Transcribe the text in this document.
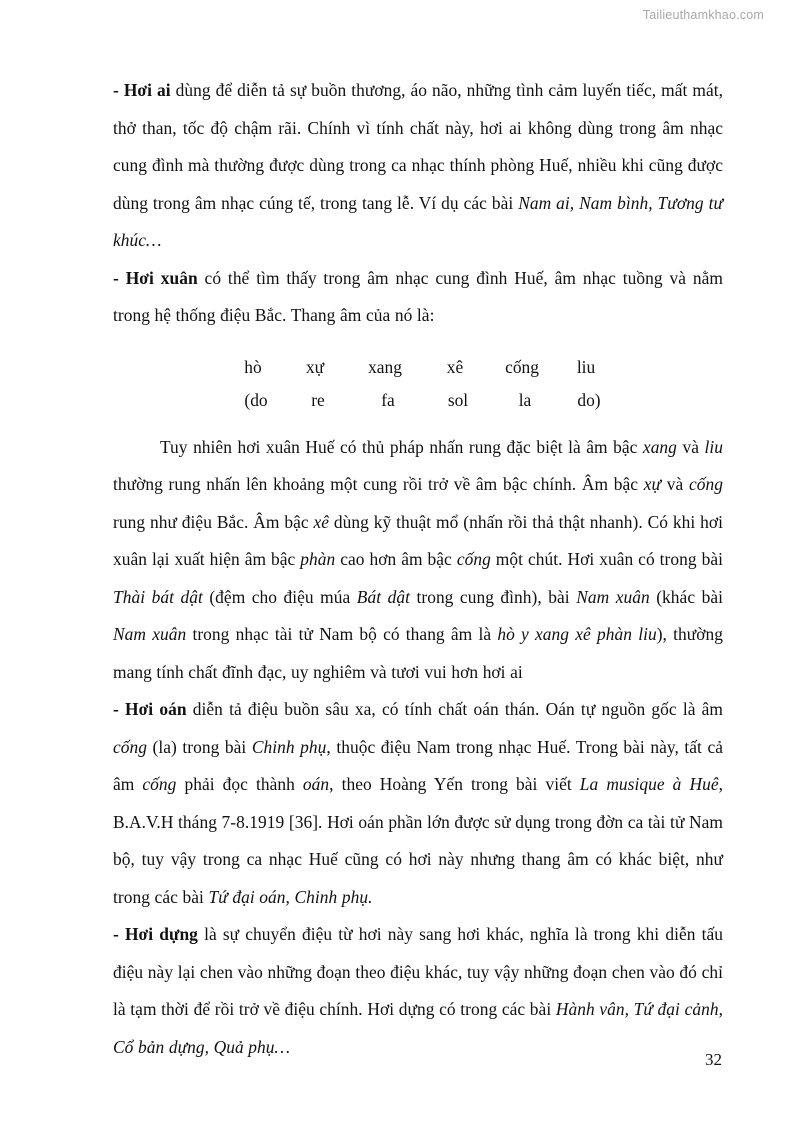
Tailieuthamkhao.com

- Hơi ai dùng để diễn tả sự buồn thương, áo não, những tình cảm luyến tiếc, mất mát, thở than, tốc độ chậm rãi. Chính vì tính chất này, hơi ai không dùng trong âm nhạc cung đình mà thường được dùng trong ca nhạc thính phòng Huế, nhiều khi cũng được dùng trong âm nhạc cúng tế, trong tang lễ. Ví dụ các bài Nam ai, Nam bình, Tương tư khúc…

- Hơi xuân có thể tìm thấy trong âm nhạc cung đình Huế, âm nhạc tuồng và nằm trong hệ thống điệu Bắc. Thang âm của nó là:

hò	xự	xang	xê	cống	liu
(do	re	fa	sol	la	do)

Tuy nhiên hơi xuân Huế có thủ pháp nhấn rung đặc biệt là âm bậc xang và liu thường rung nhấn lên khoảng một cung rồi trở về âm bậc chính. Âm bậc xự và cống rung như điệu Bắc. Âm bậc xê dùng kỹ thuật mổ (nhấn rồi thả thật nhanh). Có khi hơi xuân lại xuất hiện âm bậc phàn cao hơn âm bậc cống một chút. Hơi xuân có trong bài Thài bát dật (đệm cho điệu múa Bát dật trong cung đình), bài Nam xuân (khác bài Nam xuân trong nhạc tài tử Nam bộ có thang âm là hò y xang xê phàn liu), thường mang tính chất đĩnh đạc, uy nghiêm và tươi vui hơn hơi ai

- Hơi oán diễn tả điệu buồn sâu xa, có tính chất oán thán. Oán tự nguồn gốc là âm cống (la) trong bài Chinh phụ, thuộc điệu Nam trong nhạc Huế. Trong bài này, tất cả âm cống phải đọc thành oán, theo Hoàng Yến trong bài viết La musique à Huê, B.A.V.H tháng 7-8.1919 [36]. Hơi oán phần lớn được sử dụng trong đờn ca tài tử Nam bộ, tuy vậy trong ca nhạc Huế cũng có hơi này nhưng thang âm có khác biệt, như trong các bài Tứ đại oán, Chinh phụ.

- Hơi dựng là sự chuyển điệu từ hơi này sang hơi khác, nghĩa là trong khi diễn tấu điệu này lại chen vào những đoạn theo điệu khác, tuy vậy những đoạn chen vào đó chỉ là tạm thời để rồi trở về điệu chính. Hơi dựng có trong các bài Hành vân, Tứ đại cảnh, Cổ bản dựng, Quả phụ…

32
